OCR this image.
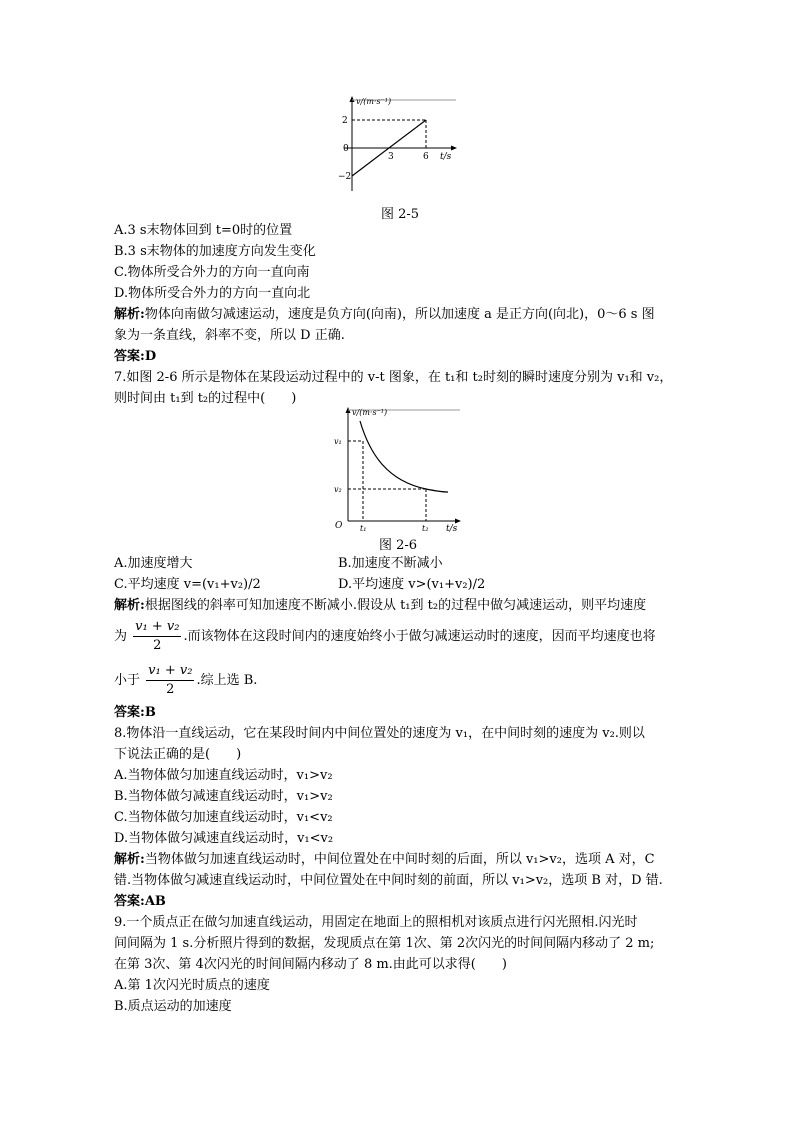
v/(m·s⁻¹)
2
0
−2
3	6 t/s
图 2-5
A.3 s末物体回到 t=0时的位置
B.3 s末物体的加速度方向发生变化
C.物体所受合外力的方向一直向南
D.物体所受合外力的方向一直向北
解析:物体向南做匀减速运动，速度是负方向(向南)，所以加速度 a 是正方向(向北)，0～6 s 图
象为一条直线，斜率不变，所以 D 正确.
答案:D
7.如图 2-6 所示是物体在某段运动过程中的 v-t 图象，在 t₁和 t₂时刻的瞬时速度分别为 v₁和 v₂，
则时间由 t₁到 t₂的过程中(　　)
v/(m·s⁻¹)
v₁
v₂
O t₁	t₂ t/s
图 2-6
A.加速度增大	B.加速度不断减小
C.平均速度 v=(v₁+v₂)/2	D.平均速度 v>(v₁+v₂)/2
解析:根据图线的斜率可知加速度不断减小.假设从 t₁到 t₂的过程中做匀减速运动，则平均速度
为 $\frac{\text{v₁ + v₂}}{2}$ .而该物体在这段时间内的速度始终小于做匀减速运动时的速度，因而平均速度也将
小于 $\frac{\text{v₁ + v₂}}{2}$ .综上选 B.
答案:B
8.物体沿一直线运动，它在某段时间内中间位置处的速度为 v₁，在中间时刻的速度为 v₂.则以
下说法正确的是(　　)
A.当物体做匀加速直线运动时，v₁>v₂
B.当物体做匀减速直线运动时，v₁>v₂
C.当物体做匀加速直线运动时，v₁<v₂
D.当物体做匀减速直线运动时，v₁<v₂
解析:当物体做匀加速直线运动时，中间位置处在中间时刻的后面，所以 v₁>v₂，选项 A 对，C
错.当物体做匀减速直线运动时，中间位置处在中间时刻的前面，所以 v₁>v₂，选项 B 对，D 错.
答案:AB
9.一个质点正在做匀加速直线运动，用固定在地面上的照相机对该质点进行闪光照相.闪光时
间间隔为 1 s.分析照片得到的数据，发现质点在第 1次、第 2次闪光的时间间隔内移动了 2 m;
在第 3次、第 4次闪光的时间间隔内移动了 8 m.由此可以求得(　　)
A.第 1次闪光时质点的速度
B.质点运动的加速度
